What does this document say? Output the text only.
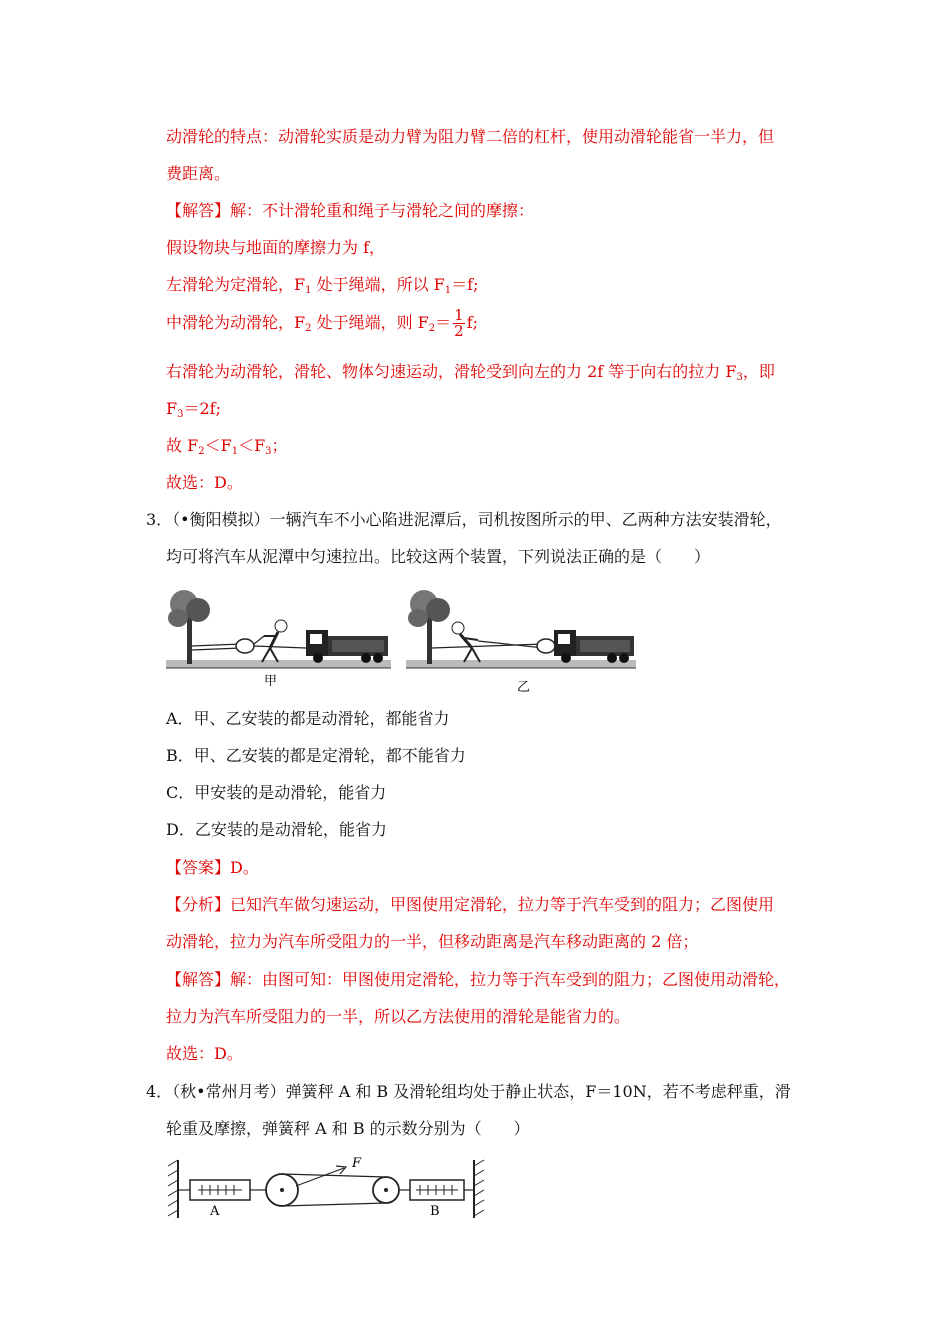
动滑轮的特点：动滑轮实质是动力臂为阻力臂二倍的杠杆，使用动滑轮能省一半力，但
费距离。
【解答】解：不计滑轮重和绳子与滑轮之间的摩擦：
假设物块与地面的摩擦力为 f，
左滑轮为定滑轮，$F_1$ 处于绳端，所以 $F_1=f$;
中滑轮为动滑轮，$F_2$ 处于绳端，则 $F_2= \frac{1}{2} f$;
右滑轮为动滑轮，滑轮、物体匀速运动，滑轮受到向左的力 2f 等于向右的拉力 $F_3$，即
$F_3=2f$;
故 $F_2<F_1<F_3$；
故选：D。
3．（•衡阳模拟）一辆汽车不小心陷进泥潭后，司机按图所示的甲、乙两种方法安装滑轮，
均可将汽车从泥潭中匀速拉出。比较这两个装置，下列说法正确的是（　　）
甲	乙
A．甲、乙安装的都是动滑轮，都能省力
B．甲、乙安装的都是定滑轮，都不能省力
C．甲安装的是动滑轮，能省力
D．乙安装的是动滑轮，能省力
【答案】D。
【分析】已知汽车做匀速运动，甲图使用定滑轮，拉力等于汽车受到的阻力；乙图使用
动滑轮，拉力为汽车所受阻力的一半，但移动距离是汽车移动距离的 2 倍；
【解答】解：由图可知：甲图使用定滑轮，拉力等于汽车受到的阻力；乙图使用动滑轮，
拉力为汽车所受阻力的一半，所以乙方法使用的滑轮是能省力的。
故选：D。
4．（秋•常州月考）弹簧秤 A 和 B 及滑轮组均处于静止状态，F＝10N，若不考虑秤重，滑
轮重及摩擦，弹簧秤 A 和 B 的示数分别为（　　）
F
A	B
